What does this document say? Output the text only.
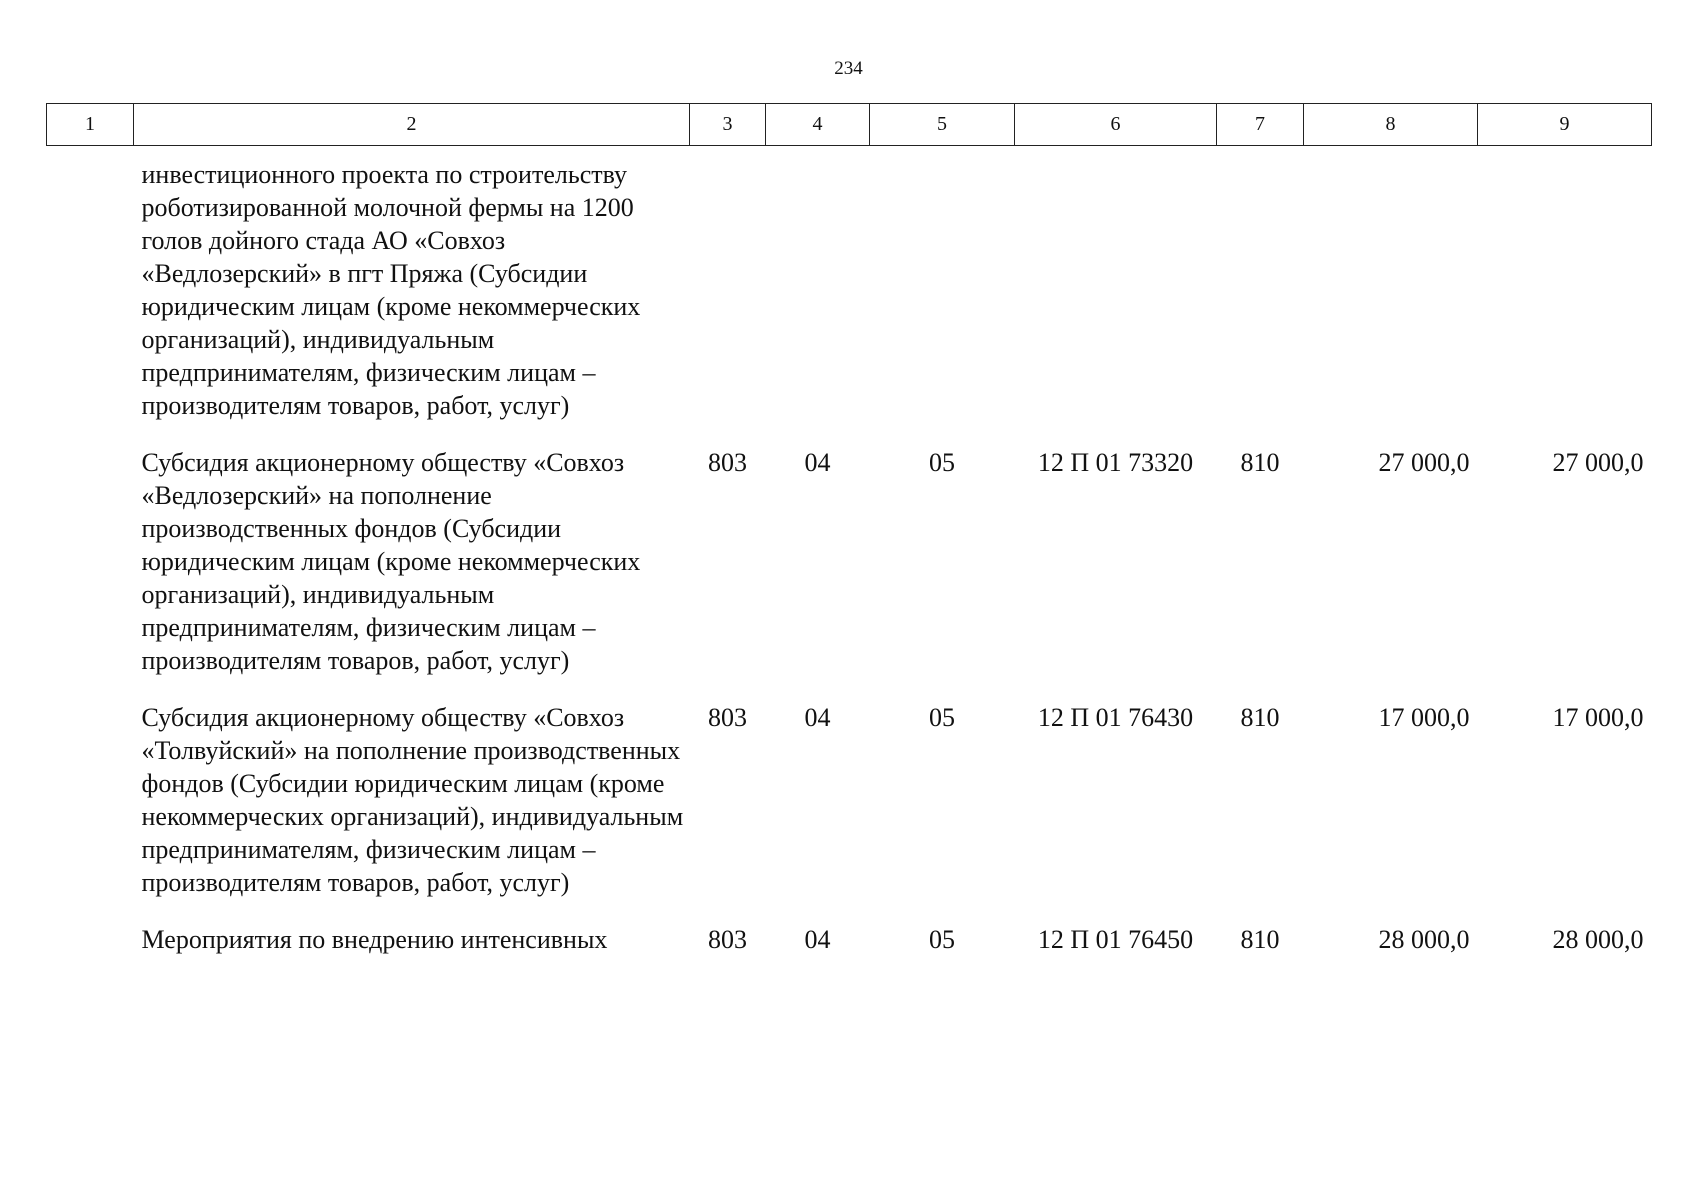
234
1	2	3	4	5	6	7	8	9
	инвестиционного проекта по строительству роботизированной молочной фермы на 1200 голов дойного стада АО «Совхоз «Ведлозерский» в пгт Пряжа (Субсидии юридическим лицам (кроме некоммерческих организаций), индивидуальным предпринимателям, физическим лицам – производителям товаров, работ, услуг)							
	Субсидия акционерному обществу «Совхоз «Ведлозерский» на пополнение производственных фондов (Субсидии юридическим лицам (кроме некоммерческих организаций), индивидуальным предпринимателям, физическим лицам – производителям товаров, работ, услуг)	803	04	05	12 П 01 73320	810	27 000,0	27 000,0
	Субсидия акционерному обществу «Совхоз «Толвуйский» на пополнение производственных фондов (Субсидии юридическим лицам (кроме некоммерческих организаций), индивидуальным предпринимателям, физическим лицам – производителям товаров, работ, услуг)	803	04	05	12 П 01 76430	810	17 000,0	17 000,0
	Мероприятия по внедрению интенсивных	803	04	05	12 П 01 76450	810	28 000,0	28 000,0
